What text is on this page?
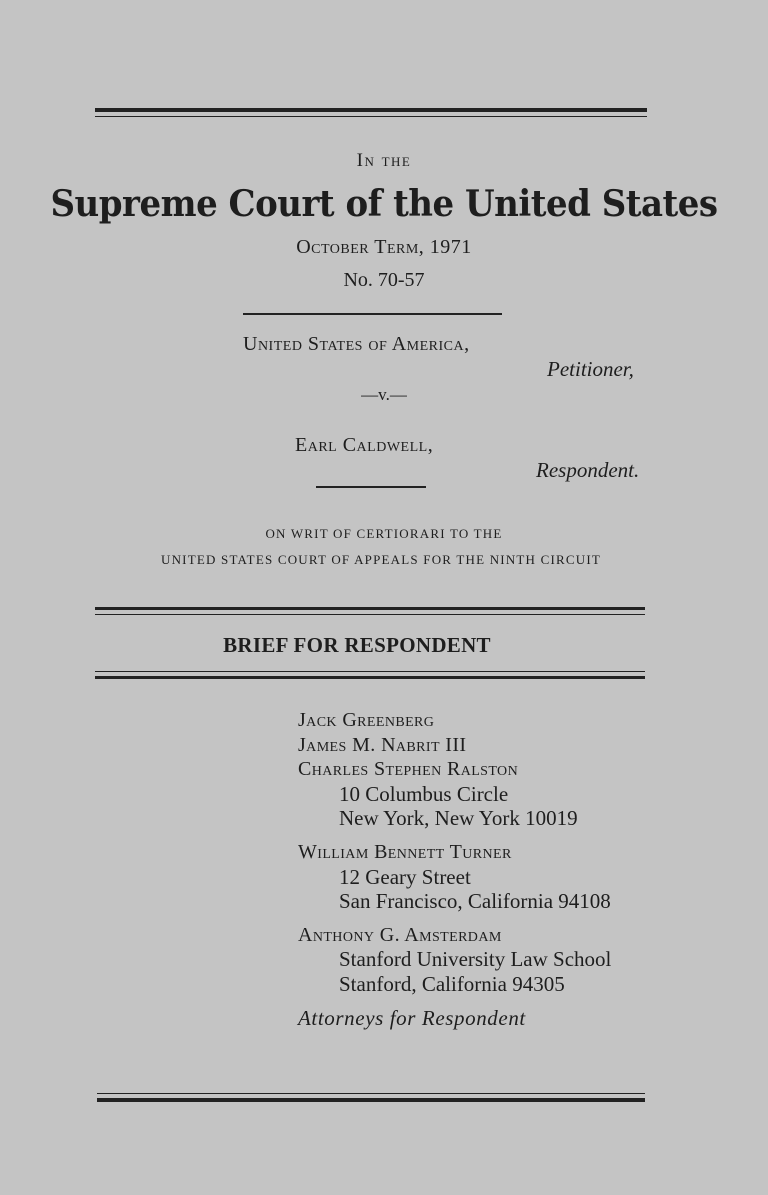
In the
Supreme Court of the United States
October Term, 1971
No. 70-57
United States of America,
Petitioner,
—v.—
Earl Caldwell,
Respondent.
ON WRIT OF CERTIORARI TO THE
UNITED STATES COURT OF APPEALS FOR THE NINTH CIRCUIT
BRIEF FOR RESPONDENT
Jack Greenberg
James M. Nabrit III
Charles Stephen Ralston
10 Columbus Circle
New York, New York 10019
William Bennett Turner
12 Geary Street
San Francisco, California 94108
Anthony G. Amsterdam
Stanford University Law School
Stanford, California 94305
Attorneys for Respondent
